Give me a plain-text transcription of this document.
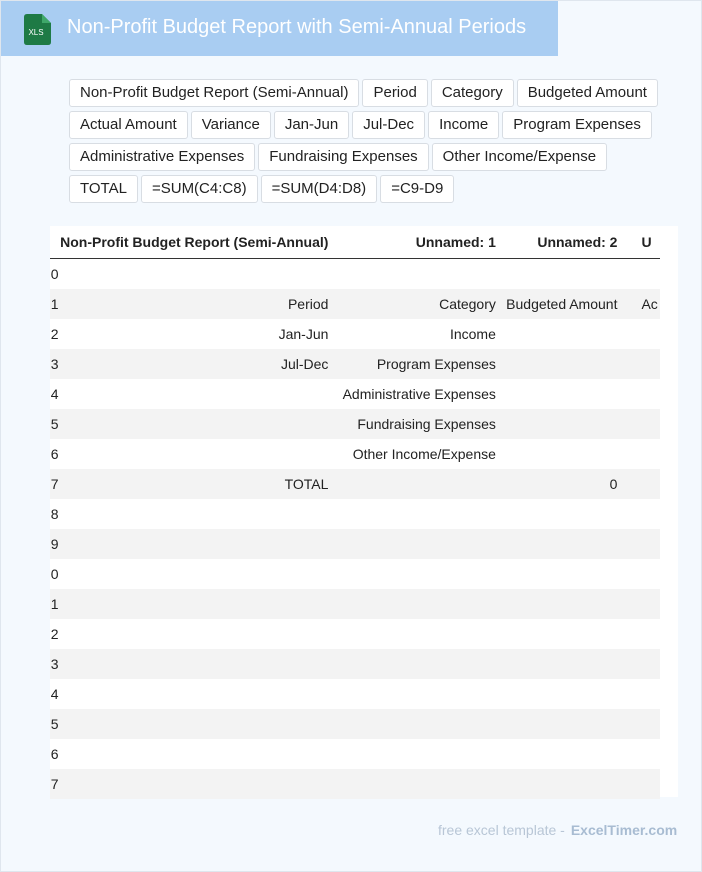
XLS Non-Profit Budget Report with Semi-Annual Periods
Non-Profit Budget Report (Semi-Annual)	Period	Category	Budgeted Amount
Actual Amount	Variance	Jan-Jun	Jul-Dec	Income	Program Expenses
Administrative Expenses	Fundraising Expenses	Other Income/Expense
TOTAL	=SUM(C4:C8)	=SUM(D4:D8)	=C9-D9
	Non-Profit Budget Report (Semi-Annual)	Unnamed: 1	Unnamed: 2	U
0				
1	Period	Category	Budgeted Amount	Ac
2	Jan-Jun	Income		
3	Jul-Dec	Program Expenses		
4		Administrative Expenses		
5		Fundraising Expenses		
6		Other Income/Expense		
7	TOTAL		0	
8				
9				
0				
1				
2				
3				
4				
5				
6				
7				
free excel template - ExcelTimer.com
